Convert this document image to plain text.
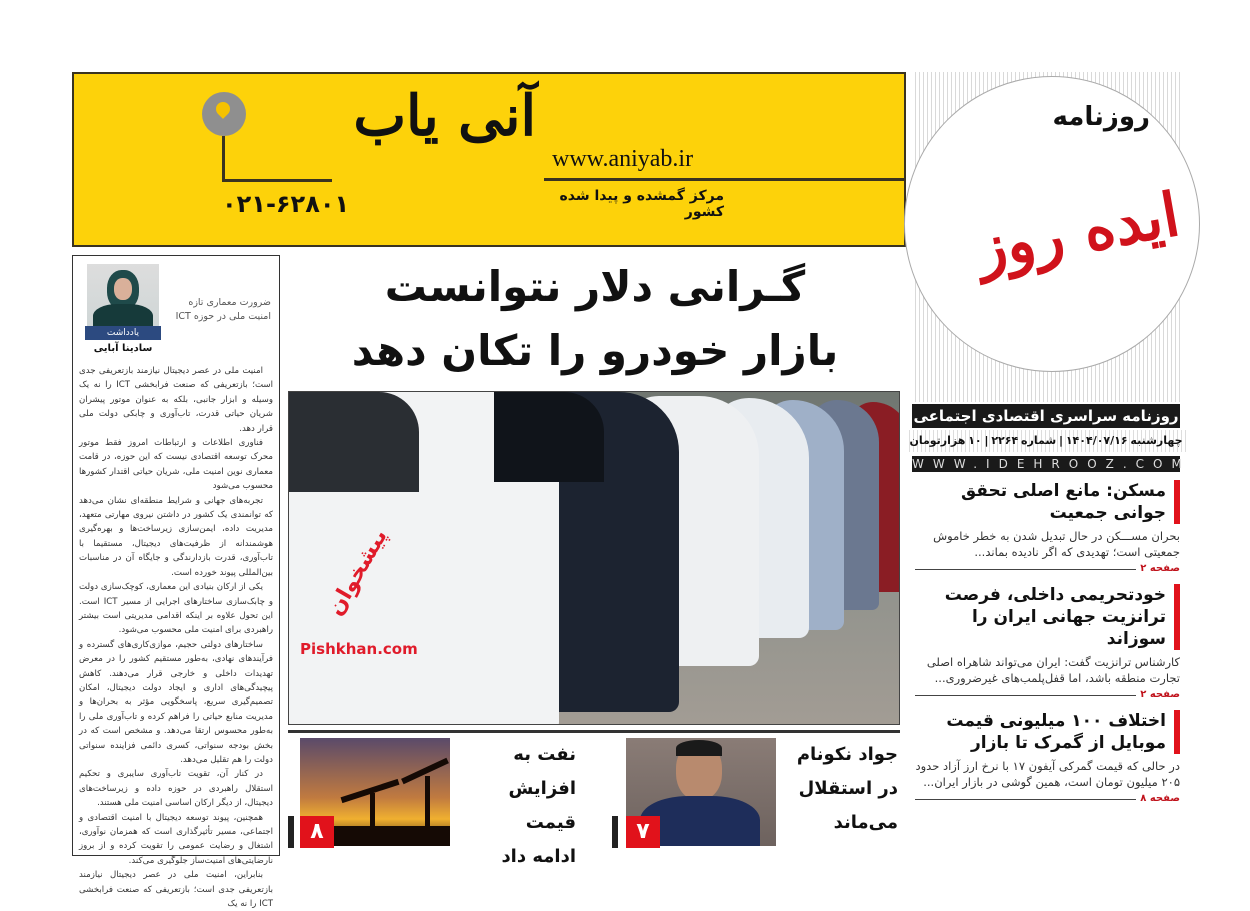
آنی یاب
www.aniyab.ir
مرکز گمشده و پیدا شده کشور
۰۲۱-۶۲۸۰۱
روزنامه
ایده روز
روزنامه سراسری اقتصادی اجتماعی
چهارشنبه ۱۴۰۴/۰۷/۱۶ | شماره ۲۲۶۴ | ۱۰ هزارتومان
WWW.IDEHROOZ.COM
مسکن: مانع اصلی تحقق جوانی جمعیت

بحران مســـکن در حال تبدیل شدن به خطر خاموش جمعیتی است؛ تهدیدی که اگر نادیده بماند...

صفحه ۲
خودتحریمی داخلی، فرصت ترانزیت جهانی ایران را سوزاند

کارشناس ترانزیت گفت: ایران می‌تواند شاهراه اصلی تجارت منطقه باشد، اما قفل‌پلمب‌های غیرضروری...

صفحه ۲
اختلاف ۱۰۰ میلیونی قیمت موبایل از گمرک تا بازار

در حالی که قیمت گمرکی آیفون ۱۷ با نرخ ارز آزاد حدود ۲۰۵ میلیون تومان است، همین گوشی در بازار ایران...

صفحه ۸
یادداشت
سادینا آبایی
ضرورت معماری تازه امنیت ملی در حوزه ICT

امنیت ملی در عصر دیجیتال نیازمند بازتعریفی جدی است؛ بازتعریفی که صنعت فرابخشی ICT را نه یک وسیله و ابزار جانبی، بلکه به عنوان موتور پیشران شریان حیاتی قدرت، تاب‌آوری و چابکی دولت ملی قرار دهد.

فناوری اطلاعات و ارتباطات امروز فقط موتور محرک توسعه اقتصادی نیست که این حوزه، در قامت معماری نوین امنیت ملی، شریان حیاتی اقتدار کشورها محسوب می‌شود

تجربه‌های جهانی و شرایط منطقه‌ای نشان می‌دهد که توانمندی یک کشور در داشتن نیروی مهارتی متعهد، مدیریت داده، ایمن‌سازی زیرساخت‌ها و بهره‌گیری هوشمندانه از ظرفیت‌های دیجیتال، مستقیما با تاب‌آوری، قدرت بازدارندگی و جایگاه آن در مناسبات بین‌المللی پیوند خورده است.

یکی از ارکان بنیادی این معماری، کوچک‌سازی دولت و چابک‌سازی ساختارهای اجرایی از مسیر ICT است. این تحول علاوه بر اینکه اقدامی مدیریتی است بیشتر راهبردی برای امنیت ملی محسوب می‌شود.

ساختارهای دولتی حجیم، موازی‌کاری‌های گسترده و فرآیندهای نهادی، به‌طور مستقیم کشور را در معرض تهدیدات داخلی و خارجی قرار می‌دهند. کاهش پیچیدگی‌های اداری و ایجاد دولت دیجیتال، امکان تصمیم‌گیری سریع، پاسخگویی مؤثر به بحران‌ها و مدیریت منابع حیاتی را فراهم کرده و تاب‌آوری ملی را به‌طور محسوس ارتقا می‌دهد. و مشخص است که در بخش بودجه سنواتی، کسری دائمی فزاینده سنواتی دولت را هم تقلیل می‌دهد.

در کنار آن، تقویت تاب‌آوری سایبری و تحکیم استقلال راهبردی در حوزه داده و زیرساخت‌های دیجیتال، از دیگر ارکان اساسی امنیت ملی هستند.

همچنین، پیوند توسعه دیجیتال با امنیت اقتصادی و اجتماعی، مسیر تأثیرگذاری است که همزمان نوآوری، اشتغال و رضایت عمومی را تقویت کرده و از بروز نارضایتی‌های امنیت‌ساز جلوگیری می‌کند.

بنابراین، امنیت ملی در عصر دیجیتال نیازمند بازتعریفی جدی است؛ بازتعریفی که صنعت فرابخشی ICT را نه یک

گـرانی دلار نتوانست
بازار خودرو را تکان دهد
پیشخوان
Pishkhan.com
۷
جواد نکونام
در استقلال
می‌ماند
۸
نفت به
افزایش قیمت
ادامه داد
